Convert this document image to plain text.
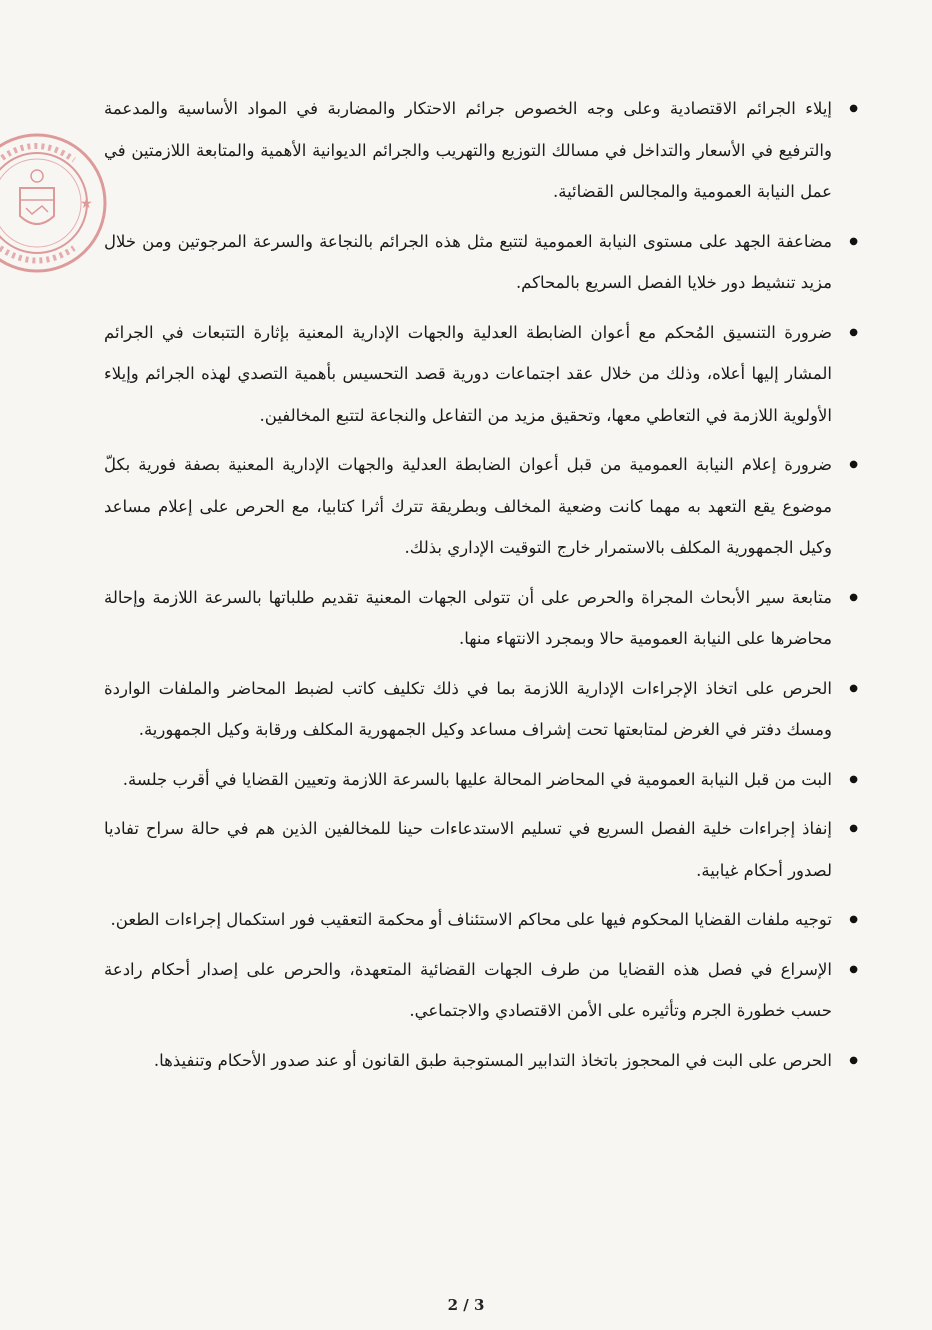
★
● إيلاء الجرائم الاقتصادية وعلى وجه الخصوص جرائم الاحتكار والمضاربة في المواد الأساسية والمدعمة والترفيع في الأسعار والتداخل في مسالك التوزيع والتهريب والجرائم الديوانية الأهمية والمتابعة اللازمتين في عمل النيابة العمومية والمجالس القضائية.
● مضاعفة الجهد على مستوى النيابة العمومية لتتبع مثل هذه الجرائم بالنجاعة والسرعة المرجوتين ومن خلال مزيد تنشيط دور خلايا الفصل السريع بالمحاكم.
● ضرورة التنسيق المُحكم مع أعوان الضابطة العدلية والجهات الإدارية المعنية بإثارة التتبعات في الجرائم المشار إليها أعلاه، وذلك من خلال عقد اجتماعات دورية قصد التحسيس بأهمية التصدي لهذه الجرائم وإيلاء الأولوية اللازمة في التعاطي معها، وتحقيق مزيد من التفاعل والنجاعة لتتبع المخالفين.
● ضرورة إعلام النيابة العمومية من قبل أعوان الضابطة العدلية والجهات الإدارية المعنية بصفة فورية بكلّ موضوع يقع التعهد به مهما كانت وضعية المخالف وبطريقة تترك أثرا كتابيا، مع الحرص على إعلام مساعد وكيل الجمهورية المكلف بالاستمرار خارج التوقيت الإداري بذلك.
● متابعة سير الأبحاث المجراة والحرص على أن تتولى الجهات المعنية تقديم طلباتها بالسرعة اللازمة وإحالة محاضرها على النيابة العمومية حالا وبمجرد الانتهاء منها.
● الحرص على اتخاذ الإجراءات الإدارية اللازمة بما في ذلك تكليف كاتب لضبط المحاضر والملفات الواردة ومسك دفتر في الغرض لمتابعتها تحت إشراف مساعد وكيل الجمهورية المكلف ورقابة وكيل الجمهورية.
● البت من قبل النيابة العمومية في المحاضر المحالة عليها بالسرعة اللازمة وتعيين القضايا في أقرب جلسة.
● إنفاذ إجراءات خلية الفصل السريع في تسليم الاستدعاءات حينا للمخالفين الذين هم في حالة سراح تفاديا لصدور أحكام غيابية.
● توجيه ملفات القضايا المحكوم فيها على محاكم الاستئناف أو محكمة التعقيب فور استكمال إجراءات الطعن.
● الإسراع في فصل هذه القضايا من طرف الجهات القضائية المتعهدة، والحرص على إصدار أحكام رادعة حسب خطورة الجرم وتأثيره على الأمن الاقتصادي والاجتماعي.
● الحرص على البت في المحجوز باتخاذ التدابير المستوجبة طبق القانون أو عند صدور الأحكام وتنفيذها.
2 / 3
